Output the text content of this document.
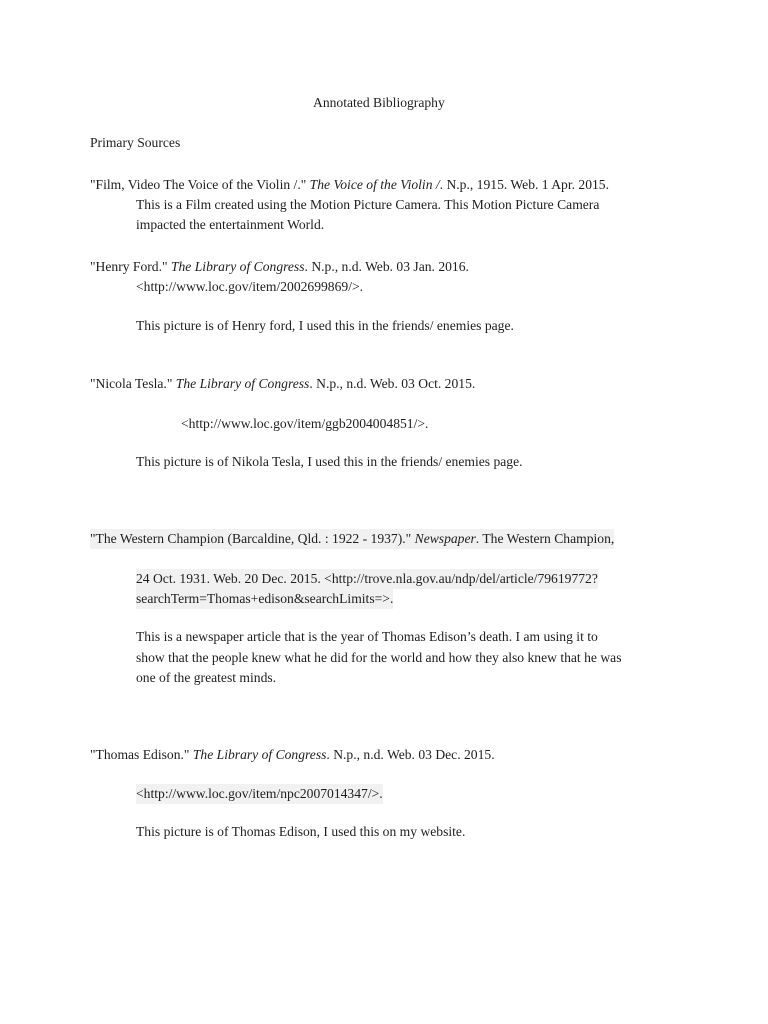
Annotated Bibliography
Primary Sources
"Film, Video The Voice of the Violin /." The Voice of the Violin /. N.p., 1915. Web. 1 Apr. 2015.
This is a Film created using the Motion Picture Camera. This Motion Picture Camera
impacted the entertainment World.
"Henry Ford." The Library of Congress. N.p., n.d. Web. 03 Jan. 2016.
<http://www.loc.gov/item/2002699869/>.
This picture is of Henry ford, I used this in the friends/ enemies page.
"Nicola Tesla." The Library of Congress. N.p., n.d. Web. 03 Oct. 2015.
<http://www.loc.gov/item/ggb2004004851/>.
This picture is of Nikola Tesla, I used this in the friends/ enemies page.
"The Western Champion (Barcaldine, Qld. : 1922 - 1937)." Newspaper. The Western Champion,
24 Oct. 1931. Web. 20 Dec. 2015. <http://trove.nla.gov.au/ndp/del/article/79619772?
searchTerm=Thomas+edison&searchLimits=>.
This is a newspaper article that is the year of Thomas Edison’s death. I am using it to
show that the people knew what he did for the world and how they also knew that he was
one of the greatest minds.
"Thomas Edison." The Library of Congress. N.p., n.d. Web. 03 Dec. 2015.
<http://www.loc.gov/item/npc2007014347/>.
This picture is of Thomas Edison, I used this on my website.
